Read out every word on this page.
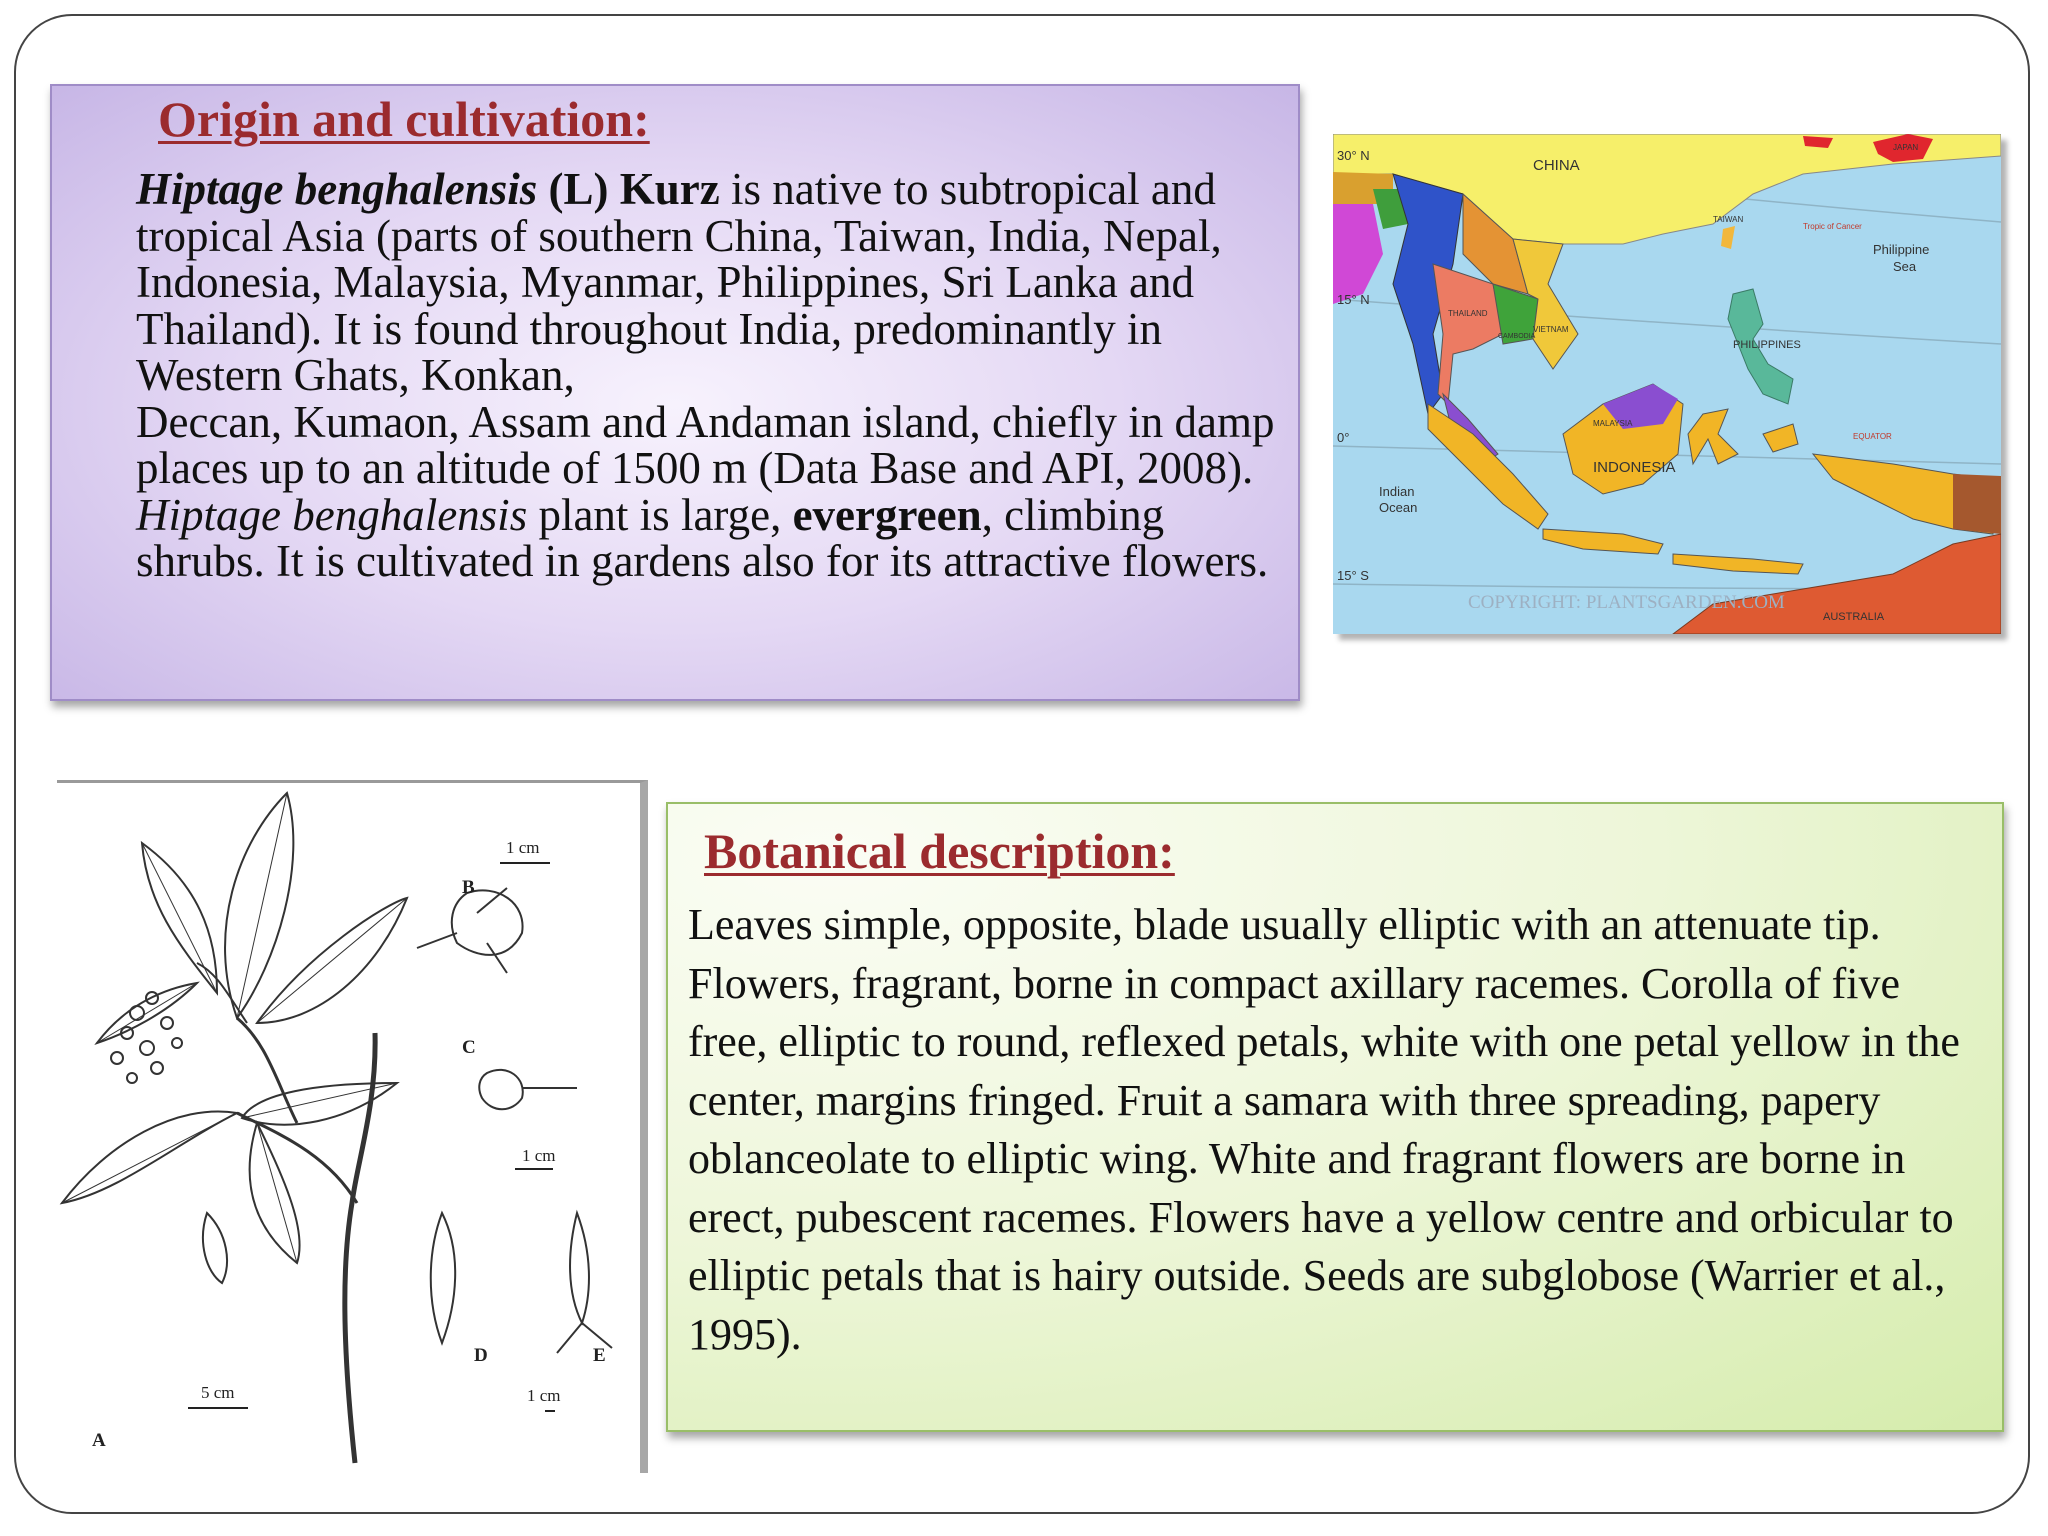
Origin and cultivation:

Hiptage benghalensis (L) Kurz is native to subtropical and tropical Asia (parts of southern China, Taiwan, India, Nepal, Indonesia, Malaysia, Myanmar, Philippines, Sri Lanka and Thailand). It is found throughout India, predominantly in Western Ghats, Konkan,
Deccan, Kumaon, Assam and Andaman island, chiefly in damp places up to an altitude of 1500 m (Data Base and API, 2008). Hiptage benghalensis plant is large, evergreen, climbing shrubs. It is cultivated in gardens also for its attractive flowers.

30° N
15° N
0°
15° S
CHINA
JAPAN
TAIWAN
Tropic of Cancer
Philippine
Sea
THAILAND
VIETNAM
CAMBODIA
PHILIPPINES
MALAYSIA
EQUATOR
INDONESIA
Indian
Ocean
COPYRIGHT: PLANTSGARDEN.COM
AUSTRALIA
1 cm
1 cm
1 cm
5 cm
A
B
C
D	E
Botanical description:

Leaves simple, opposite, blade usually elliptic with an attenuate tip. Flowers, fragrant, borne in compact axillary racemes. Corolla of five free, elliptic to round, reflexed petals, white with one petal yellow in the center, margins fringed. Fruit a samara with three spreading, papery oblanceolate to elliptic wing. White and fragrant flowers are borne in erect, pubescent racemes. Flowers have a yellow centre and orbicular to elliptic petals that is hairy outside. Seeds are subglobose (Warrier et al., 1995).
